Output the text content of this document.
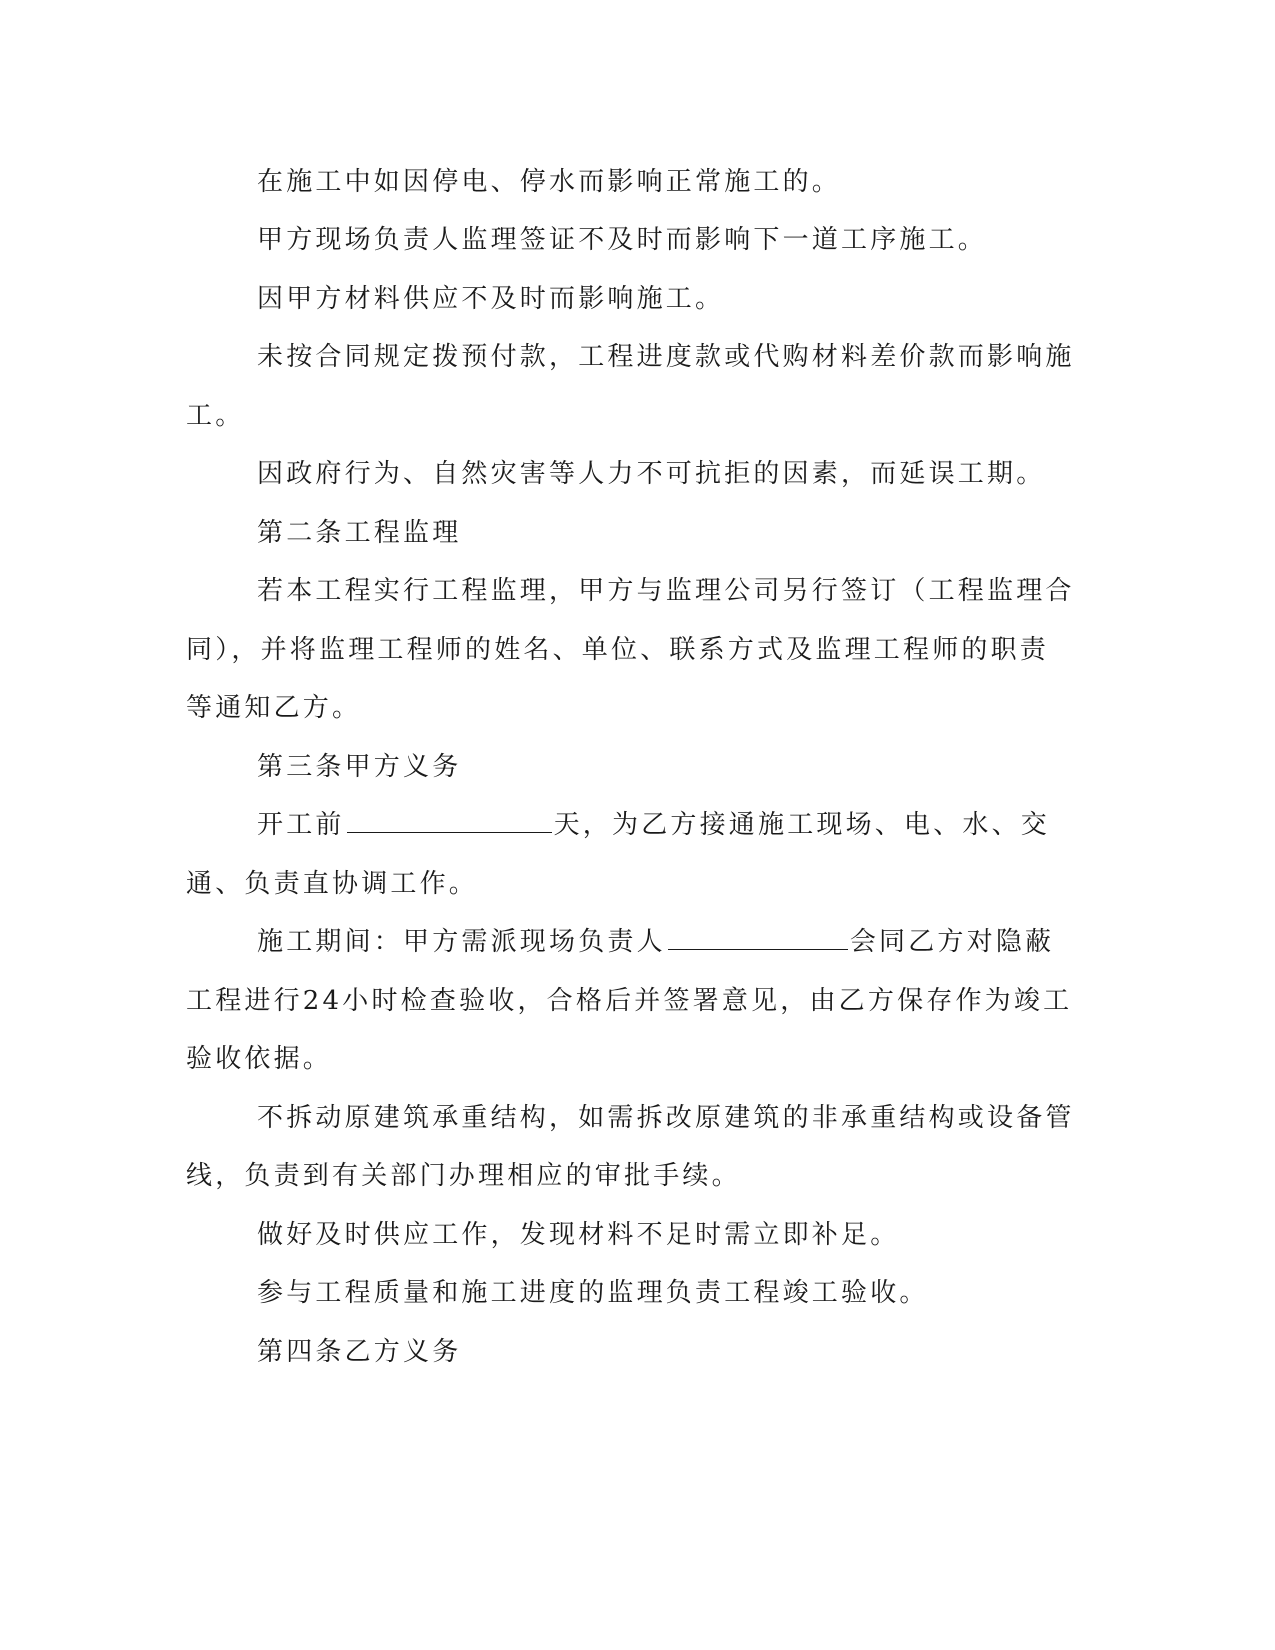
在施工中如因停电、停水而影响正常施工的。

甲方现场负责人监理签证不及时而影响下一道工序施工。

因甲方材料供应不及时而影响施工。

未按合同规定拨预付款，工程进度款或代购材料差价款而影响施

工。

因政府行为、自然灾害等人力不可抗拒的因素，而延误工期。

第二条工程监理

若本工程实行工程监理，甲方与监理公司另行签订（工程监理合

同），并将监理工程师的姓名、单位、联系方式及监理工程师的职责

等通知乙方。

第三条甲方义务

开工前	天，为乙方接通施工现场、电、水、交

通、负责直协调工作。

施工期间：甲方需派现场负责人	会同乙方对隐蔽

工程进行24小时检查验收，合格后并签署意见，由乙方保存作为竣工

验收依据。

不拆动原建筑承重结构，如需拆改原建筑的非承重结构或设备管

线，负责到有关部门办理相应的审批手续。

做好及时供应工作，发现材料不足时需立即补足。

参与工程质量和施工进度的监理负责工程竣工验收。

第四条乙方义务
